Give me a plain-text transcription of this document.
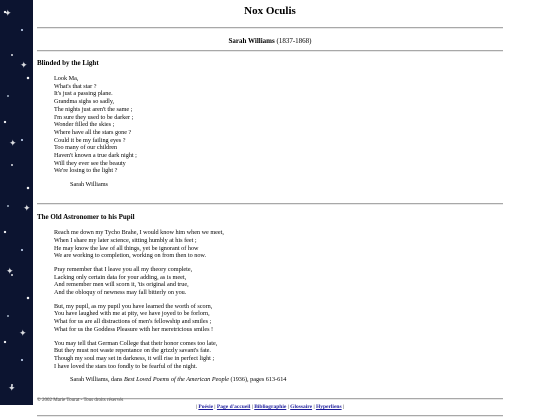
✦
✦
✦
✦
✦
✦
✦
Nox Oculis
Sarah Williams (1837-1868)
Blinded by the Light
Look Ma,
What's that star ?
It's just a passing plane.
Grandma sighs so sadly,
The nights just aren't the same ;
I'm sure they used to be darker ;
Wonder filled the skies ;
Where have all the stars gone ?
Could it be my failing eyes ?
Too many of our children
Haven't known a true dark night ;
Will they ever see the beauty
We're losing to the light ?
Sarah Williams
The Old Astronomer to his Pupil
Reach me down my Tycho Brahe, I would know him when we meet,
When I share my later science, sitting humbly at his feet ;
He may know the law of all things, yet be ignorant of how
We are working to completion, working on from then to now.
Pray remember that I leave you all my theory complete,
Lacking only certain data for your adding, as is meet,
And remember men will scorn it, 'tis original and true,
And the obloquy of newness may fall bitterly on you.
But, my pupil, as my pupil you have learned the worth of scorn,
You have laughed with me at pity, we have joyed to be forlorn,
What for us are all distractions of men's fellowship and smiles ;
What for us the Goddess Pleasure with her meretricious smiles !
You may tell that German College that their honor comes too late,
But they must not waste repentance on the grizzly savant's fate.
Though my soul may set in darkness, it will rise in perfect light ;
I have loved the stars too fondly to be fearful of the night.
Sarah Williams, dans Best Loved Poems of the American People (1936), pages 613-614
| Poésie | Page d'accueil | Bibliographie | Glossaire | Hyperliens |
© 2002 Marie Tourat - Tous droits réservés
